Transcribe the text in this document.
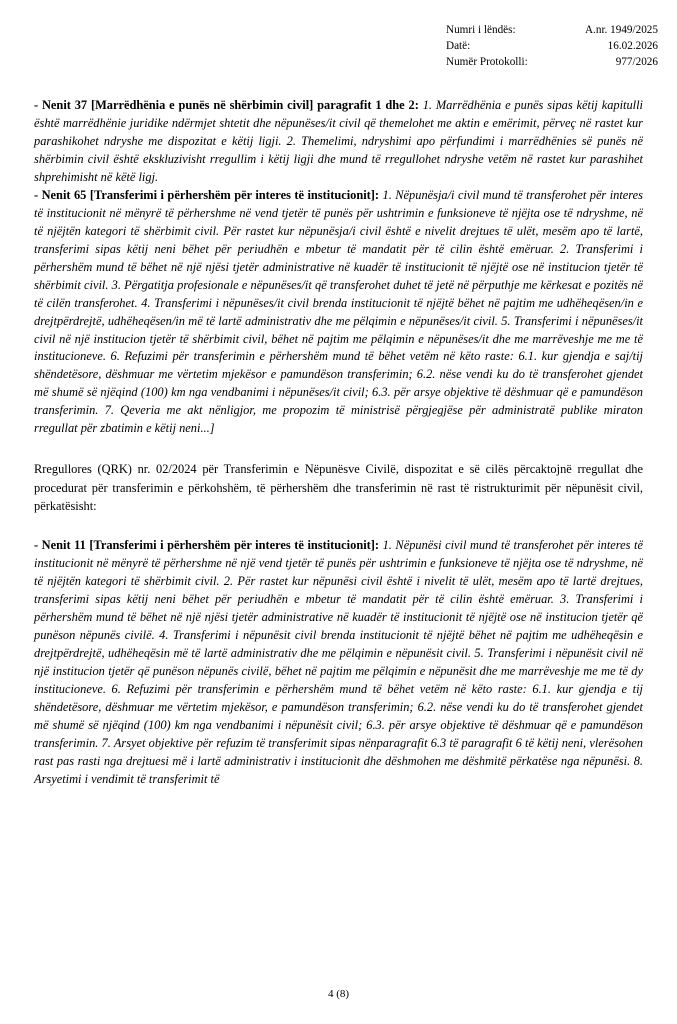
Numri i lëndës:	A.nr. 1949/2025
Datë:	16.02.2026
Numër Protokolli:	977/2026

- Nenit 37 [Marrëdhënia e punës në shërbimin civil] paragrafit 1 dhe 2: 1. Marrëdhënia e punës sipas këtij kapitulli është marrëdhënie juridike ndërmjet shtetit dhe nëpunëses/it civil që themelohet me aktin e emërimit, përveç në rastet kur parashikohet ndryshe me dispozitat e këtij ligji. 2. Themelimi, ndryshimi apo përfundimi i marrëdhënies së punës në shërbimin civil është ekskluzivisht rregullim i këtij ligji dhe mund të rregullohet ndryshe vetëm në rastet kur parashihet shprehimisht në këtë ligj.

- Nenit 65 [Transferimi i përhershëm për interes të institucionit]: 1. Nëpunësja/i civil mund të transferohet për interes të institucionit në mënyrë të përhershme në vend tjetër të punës për ushtrimin e funksioneve të njëjta ose të ndryshme, në të njëjtën kategori të shërbimit civil. Për rastet kur nëpunësja/i civil është e nivelit drejtues të ulët, mesëm apo të lartë, transferimi sipas këtij neni bëhet për periudhën e mbetur të mandatit për të cilin është emëruar. 2. Transferimi i përhershëm mund të bëhet në një njësi tjetër administrative në kuadër të institucionit të njëjtë ose në institucion tjetër të shërbimit civil. 3. Përgatitja profesionale e nëpunëses/it që transferohet duhet të jetë në përputhje me kërkesat e pozitës në të cilën transferohet. 4. Transferimi i nëpunëses/it civil brenda institucionit të njëjtë bëhet në pajtim me udhëheqësen/in e drejtpërdrejtë, udhëheqësen/in më të lartë administrativ dhe me pëlqimin e nëpunëses/it civil. 5. Transferimi i nëpunëses/it civil në një institucion tjetër të shërbimit civil, bëhet në pajtim me pëlqimin e nëpunëses/it dhe me marrëveshje me me të institucioneve. 6. Refuzimi për transferimin e përhershëm mund të bëhet vetëm në këto raste: 6.1. kur gjendja e saj/tij shëndetësore, dëshmuar me vërtetim mjekësor e pamundëson transferimin; 6.2. nëse vendi ku do të transferohet gjendet më shumë së njëqind (100) km nga vendbanimi i nëpunëses/it civil; 6.3. për arsye objektive të dëshmuar që e pamundëson transferimin. 7. Qeveria me akt nënligjor, me propozim të ministrisë përgjegjëse për administratë publike miraton rregullat për zbatimin e këtij neni...]

Rregullores (QRK) nr. 02/2024 për Transferimin e Nëpunësve Civilë, dispozitat e së cilës përcaktojnë rregullat dhe procedurat për transferimin e përkohshëm, të përhershëm dhe transferimin në rast të ristrukturimit për nëpunësit civil, përkatësisht:

- Nenit 11 [Transferimi i përhershëm për interes të institucionit]: 1. Nëpunësi civil mund të transferohet për interes të institucionit në mënyrë të përhershme në një vend tjetër të punës për ushtrimin e funksioneve të njëjta ose të ndryshme, në të njëjtën kategori të shërbimit civil. 2. Për rastet kur nëpunësi civil është i nivelit të ulët, mesëm apo të lartë drejtues, transferimi sipas këtij neni bëhet për periudhën e mbetur të mandatit për të cilin është emëruar. 3. Transferimi i përhershëm mund të bëhet në një njësi tjetër administrative në kuadër të institucionit të njëjtë ose në institucion tjetër që punëson nëpunës civilë. 4. Transferimi i nëpunësit civil brenda institucionit të njëjtë bëhet në pajtim me udhëheqësin e drejtpërdrejtë, udhëheqësin më të lartë administrativ dhe me pëlqimin e nëpunësit civil. 5. Transferimi i nëpunësit civil në një institucion tjetër që punëson nëpunës civilë, bëhet në pajtim me pëlqimin e nëpunësit dhe me marrëveshje me me të dy institucioneve. 6. Refuzimi për transferimin e përhershëm mund të bëhet vetëm në këto raste: 6.1. kur gjendja e tij shëndetësore, dëshmuar me vërtetim mjekësor, e pamundëson transferimin; 6.2. nëse vendi ku do të transferohet gjendet më shumë së njëqind (100) km nga vendbanimi i nëpunësit civil; 6.3. për arsye objektive të dëshmuar që e pamundëson transferimin. 7. Arsyet objektive për refuzim të transferimit sipas nënparagrafit 6.3 të paragrafit 6 të këtij neni, vlerësohen rast pas rasti nga drejtuesi më i lartë administrativ i institucionit dhe dëshmohen me dëshmitë përkatëse nga nëpunësi. 8. Arsyetimi i vendimit të transferimit të

4 (8)
